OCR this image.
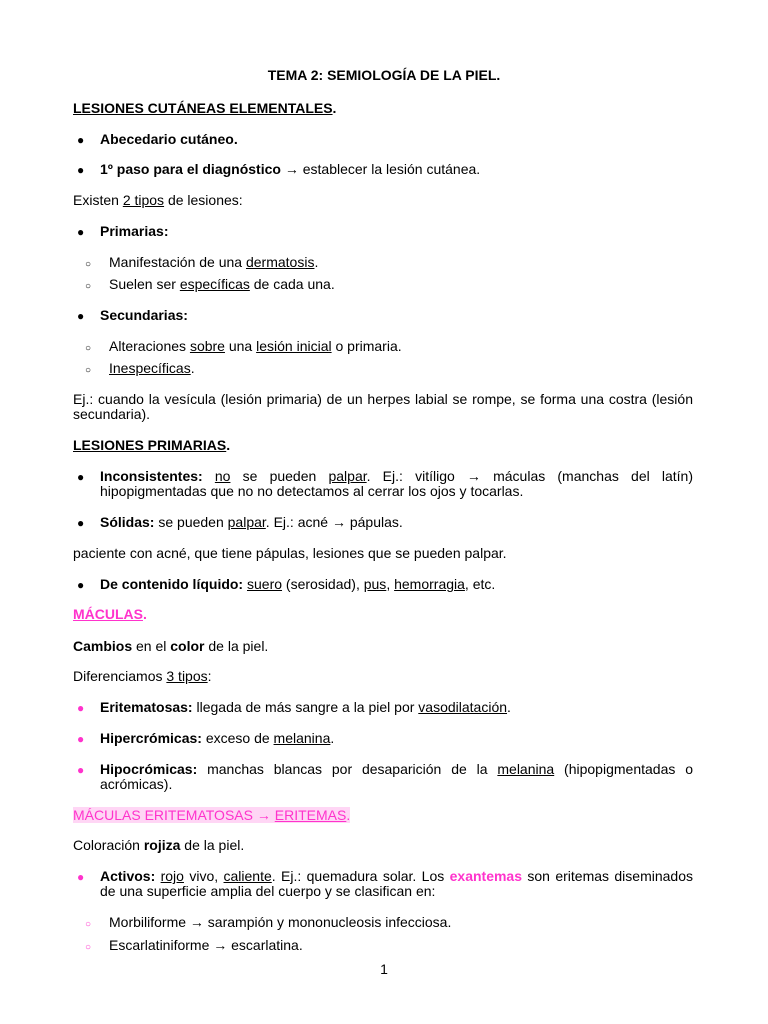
TEMA 2: SEMIOLOGÍA DE LA PIEL.
LESIONES CUTÁNEAS ELEMENTALES.
● Abecedario cutáneo.
● 1º paso para el diagnóstico → establecer la lesión cutánea.
Existen 2 tipos de lesiones:
● Primarias:
○ Manifestación de una dermatosis.
○ Suelen ser específicas de cada una.
● Secundarias:
○ Alteraciones sobre una lesión inicial o primaria.
○ Inespecíficas.
Ej.: cuando la vesícula (lesión primaria) de un herpes labial se rompe, se forma una costra (lesión secundaria).
LESIONES PRIMARIAS.
● Inconsistentes: no se pueden palpar. Ej.: vitíligo → máculas (manchas del latín) hipopigmentadas que no no detectamos al cerrar los ojos y tocarlas.
● Sólidas: se pueden palpar. Ej.: acné → pápulas.
paciente con acné, que tiene pápulas, lesiones que se pueden palpar.
● De contenido líquido: suero (serosidad), pus, hemorragia, etc.
MÁCULAS.
Cambios en el color de la piel.
Diferenciamos 3 tipos:
● Eritematosas: llegada de más sangre a la piel por vasodilatación.
● Hipercrómicas: exceso de melanina.
● Hipocrómicas: manchas blancas por desaparición de la melanina (hipopigmentadas o acrómicas).
MÁCULAS ERITEMATOSAS → ERITEMAS.
Coloración rojiza de la piel.
● Activos: rojo vivo, caliente. Ej.: quemadura solar. Los exantemas son eritemas diseminados de una superficie amplia del cuerpo y se clasifican en:
○ Morbiliforme → sarampión y mononucleosis infecciosa.
○ Escarlatiniforme → escarlatina.
1
